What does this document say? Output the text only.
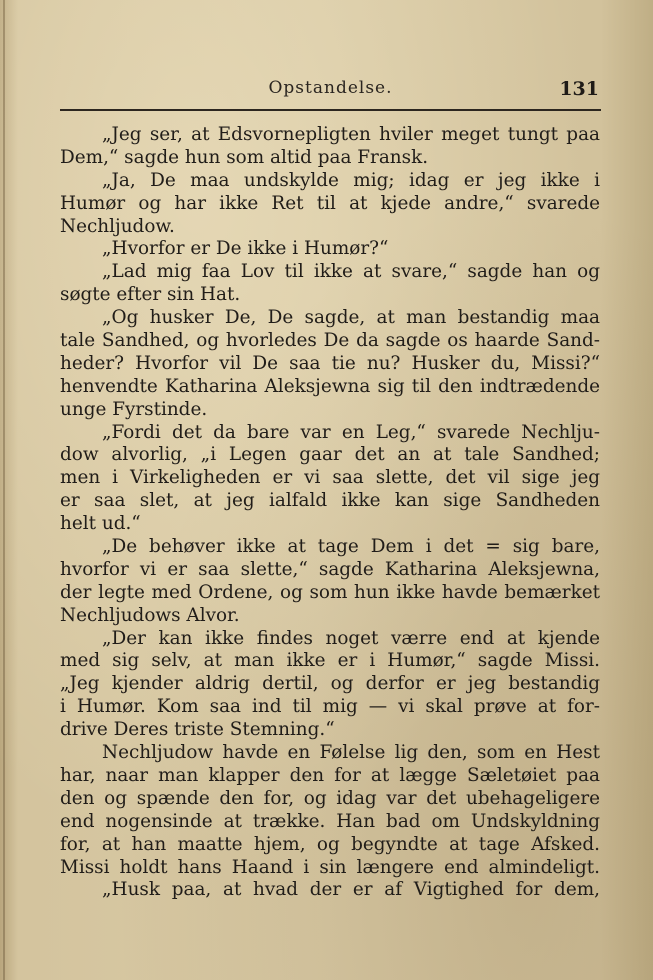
Opstandelse.	131
„Jeg ser, at Edsvornepligten hviler meget tungt paa
Dem,“ sagde hun som altid paa Fransk.
„Ja, De maa undskylde mig; idag er jeg ikke i
Humør og har ikke Ret til at kjede andre,“ svarede
Nechljudow.
„Hvorfor er De ikke i Humør?“
„Lad mig faa Lov til ikke at svare,“ sagde han og
søgte efter sin Hat.
„Og husker De, De sagde, at man bestandig maa
tale Sandhed, og hvorledes De da sagde os haarde Sand-
heder? Hvorfor vil De saa tie nu? Husker du, Missi?“
henvendte Katharina Aleksjewna sig til den indtrædende
unge Fyrstinde.
„Fordi det da bare var en Leg,“ svarede Nechlju-
dow alvorlig, „i Legen gaar det an at tale Sandhed;
men i Virkeligheden er vi saa slette, det vil sige jeg
er saa slet, at jeg ialfald ikke kan sige Sandheden
helt ud.“
„De behøver ikke at tage Dem i det = sig bare,
hvorfor vi er saa slette,“ sagde Katharina Aleksjewna,
der legte med Ordene, og som hun ikke havde bemærket
Nechljudows Alvor.
„Der kan ikke findes noget værre end at kjende
med sig selv, at man ikke er i Humør,“ sagde Missi.
„Jeg kjender aldrig dertil, og derfor er jeg bestandig
i Humør. Kom saa ind til mig — vi skal prøve at for-
drive Deres triste Stemning.“
Nechljudow havde en Følelse lig den, som en Hest
har, naar man klapper den for at lægge Sæletøiet paa
den og spænde den for, og idag var det ubehageligere
end nogensinde at trække. Han bad om Undskyldning
for, at han maatte hjem, og begyndte at tage Afsked.
Missi holdt hans Haand i sin længere end almindeligt.
„Husk paa, at hvad der er af Vigtighed for dem,
